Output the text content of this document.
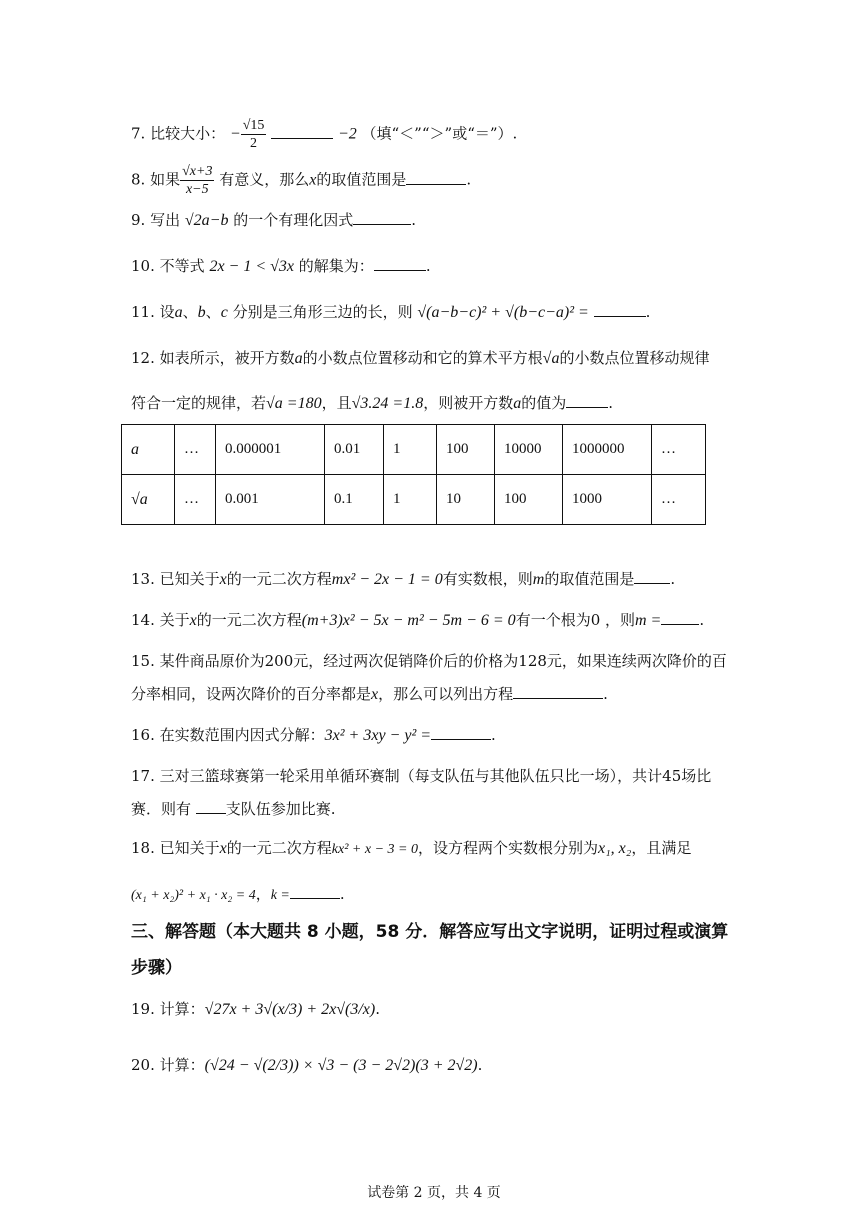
7. 比较大小： − $\frac{√15}{2}$	−2 （填“＜”“＞”或“＝”）.
8. 如果 $\frac{√x+3}{x-5}$ 有意义，那么x的取值范围是	.
9. 写出 √2a−b 的一个有理化因式	.
10. 不等式 2x − 1 < √3x 的解集为：	.
11. 设a、b、c 分别是三角形三边的长，则 √(a−b−c)² + √(b−c−a)² =	.
12. 如表所示，被开方数a的小数点位置移动和它的算术平方根√a的小数点位置移动规律
符合一定的规律，若√a =180，且√3.24 =1.8，则被开方数a的值为	.
a	…	0.000001	0.01	1	100	10000	1000000	…
√a	…	0.001	0.1	1	10	100	1000	…
13. 已知关于x的一元二次方程mx² − 2x − 1 = 0有实数根，则m的取值范围是 .
14. 关于x的一元二次方程(m+3)x² − 5x − m² − 5m − 6 = 0有一个根为0 ，则m =	.
15. 某件商品原价为200元，经过两次促销降价后的价格为128元，如果连续两次降价的百
分率相同，设两次降价的百分率都是x，那么可以列出方程	.
16. 在实数范围内因式分解：3x² + 3xy − y² =	.
17. 三对三篮球赛第一轮采用单循环赛制（每支队伍与其他队伍只比一场），共计45场比
赛．则有 支队伍参加比赛.
18. 已知关于x的一元二次方程kx² + x − 3 = 0，设方程两个实数根分别为x₁, x₂，且满足
(x₁ + x₂)² + x₁ · x₂ = 4，k =	.
三、解答题（本大题共 8 小题，58 分．解答应写出文字说明，证明过程或演算
步骤）
19. 计算：√27x + 3√(x/3) + 2x√(3/x).
20. 计算：(√24 − √(2/3)) × √3 − (3 − 2√2)(3 + 2√2).
试卷第 2 页，共 4 页
